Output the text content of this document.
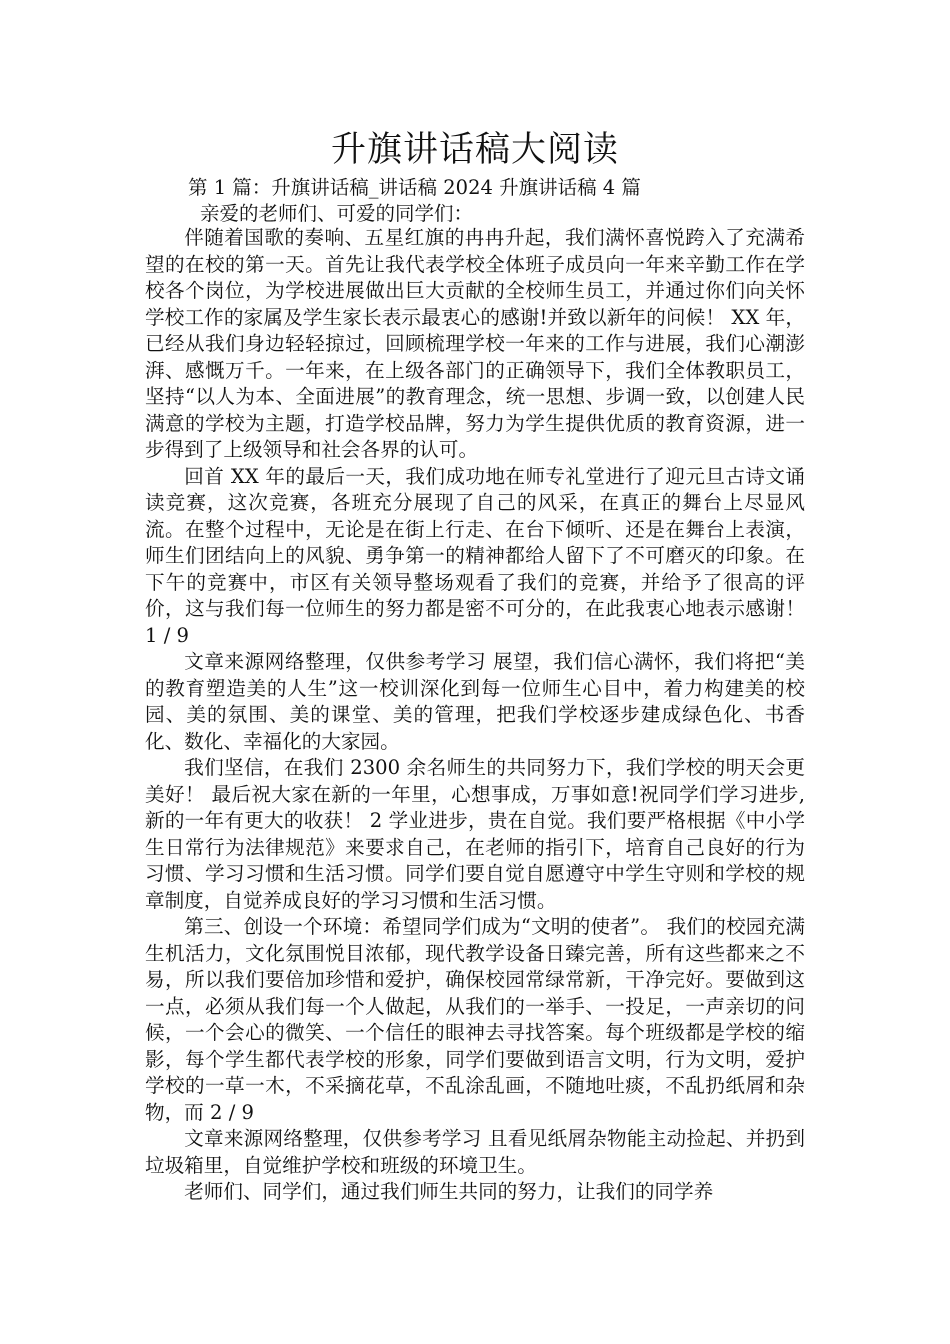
升旗讲话稿大阅读
第 1 篇：升旗讲话稿_讲话稿 2024 升旗讲话稿 4 篇
亲爱的老师们、可爱的同学们：

伴随着国歌的奏响、五星红旗的冉冉升起，我们满怀喜悦跨入了充满希望的在校的第一天。首先让我代表学校全体班子成员向一年来辛勤工作在学校各个岗位，为学校进展做出巨大贡献的全校师生员工，并通过你们向关怀学校工作的家属及学生家长表示最衷心的感谢!并致以新年的问候！ XX 年，已经从我们身边轻轻掠过，回顾梳理学校一年来的工作与进展，我们心潮澎湃、感慨万千。一年来，在上级各部门的正确领导下，我们全体教职员工，坚持“以人为本、全面进展”的教育理念，统一思想、步调一致，以创建人民满意的学校为主题，打造学校品牌，努力为学生提供优质的教育资源，进一步得到了上级领导和社会各界的认可。

回首 XX 年的最后一天，我们成功地在师专礼堂进行了迎元旦古诗文诵读竞赛，这次竞赛，各班充分展现了自己的风采，在真正的舞台上尽显风流。在整个过程中，无论是在街上行走、在台下倾听、还是在舞台上表演，师生们团结向上的风貌、勇争第一的精神都给人留下了不可磨灭的印象。在下午的竞赛中，市区有关领导整场观看了我们的竞赛，并给予了很高的评价，这与我们每一位师生的努力都是密不可分的，在此我衷心地表示感谢！ 1 / 9

文章来源网络整理，仅供参考学习 展望，我们信心满怀，我们将把“美的教育塑造美的人生”这一校训深化到每一位师生心目中，着力构建美的校园、美的氛围、美的课堂、美的管理，把我们学校逐步建成绿色化、书香化、数化、幸福化的大家园。

我们坚信，在我们 2300 余名师生的共同努力下，我们学校的明天会更美好！ 最后祝大家在新的一年里，心想事成，万事如意!祝同学们学习进步,新的一年有更大的收获！ 2 学业进步，贵在自觉。我们要严格根据《中小学生日常行为法律规范》来要求自己，在老师的指引下，培育自己良好的行为习惯、学习习惯和生活习惯。同学们要自觉自愿遵守中学生守则和学校的规章制度，自觉养成良好的学习习惯和生活习惯。

第三、创设一个环境：希望同学们成为“文明的使者”。 我们的校园充满生机活力，文化氛围悦目浓郁，现代教学设备日臻完善，所有这些都来之不易，所以我们要倍加珍惜和爱护，确保校园常绿常新，干净完好。要做到这一点，必须从我们每一个人做起，从我们的一举手、一投足，一声亲切的问候，一个会心的微笑、一个信任的眼神去寻找答案。每个班级都是学校的缩影，每个学生都代表学校的形象，同学们要做到语言文明，行为文明，爱护学校的一草一木，不采摘花草，不乱涂乱画，不随地吐痰，不乱扔纸屑和杂物，而 2 / 9

文章来源网络整理，仅供参考学习 且看见纸屑杂物能主动捡起、并扔到垃圾箱里，自觉维护学校和班级的环境卫生。

老师们、同学们，通过我们师生共同的努力，让我们的同学养
